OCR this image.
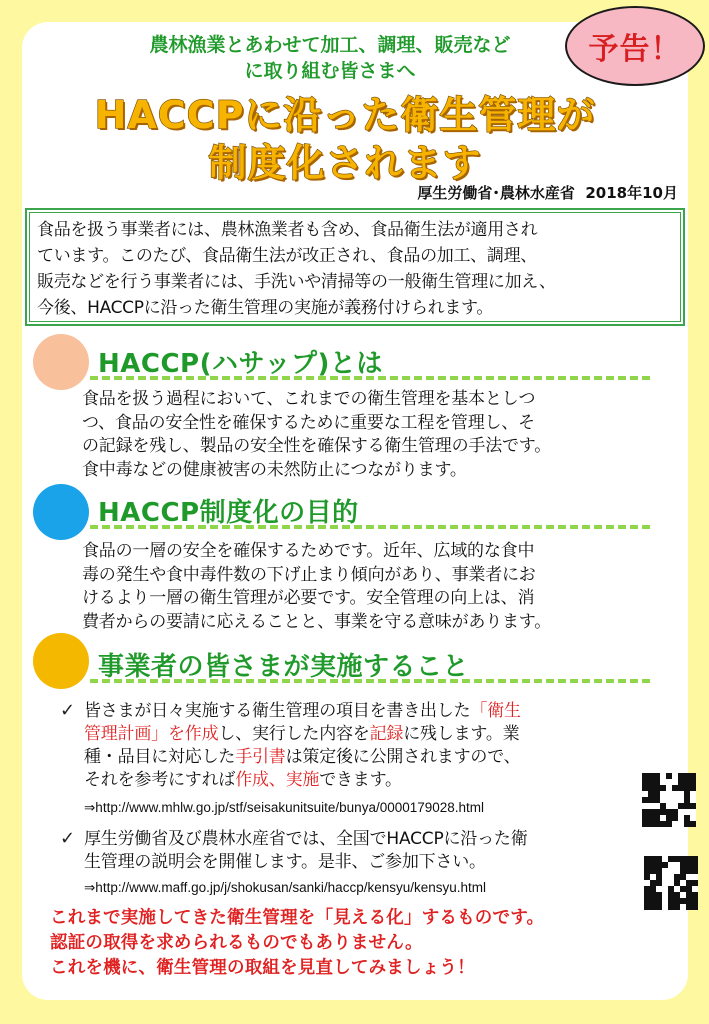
予告！
農林漁業とあわせて加工、調理、販売など
に取り組む皆さまへ
HACCPに沿った衛生管理が
制度化されます
厚生労働省･農林水産省 2018年10月
食品を扱う事業者には、農林漁業者も含め、食品衛生法が適用され
ています。このたび、食品衛生法が改正され、食品の加工、調理、
販売などを行う事業者には、手洗いや清掃等の一般衛生管理に加え、
今後、HACCPに沿った衛生管理の実施が義務付けられます。
HACCP(ハサップ)とは
食品を扱う過程において、これまでの衛生管理を基本としつ
つ、食品の安全性を確保するために重要な工程を管理し、そ
の記録を残し、製品の安全性を確保する衛生管理の手法です。
食中毒などの健康被害の未然防止につながります。
HACCP制度化の目的
食品の一層の安全を確保するためです。近年、広域的な食中
毒の発生や食中毒件数の下げ止まり傾向があり、事業者にお
けるより一層の衛生管理が必要です。安全管理の向上は、消
費者からの要請に応えることと、事業を守る意味があります。
事業者の皆さまが実施すること
✓ 皆さまが日々実施する衛生管理の項目を書き出した「衛生
管理計画」を作成し、実行した内容を記録に残します。業
種・品目に対応した手引書は策定後に公開されますので、
それを参考にすれば作成、実施できます。
⇒http://www.mhlw.go.jp/stf/seisakunitsuite/bunya/0000179028.html
✓ 厚生労働省及び農林水産省では、全国でHACCPに沿った衛
生管理の説明会を開催します。是非、ご参加下さい。
⇒http://www.maff.go.jp/j/shokusan/sanki/haccp/kensyu/kensyu.html
これまで実施してきた衛生管理を「見える化」するものです。
認証の取得を求められるものでもありません。
これを機に、衛生管理の取組を見直してみましょう！
